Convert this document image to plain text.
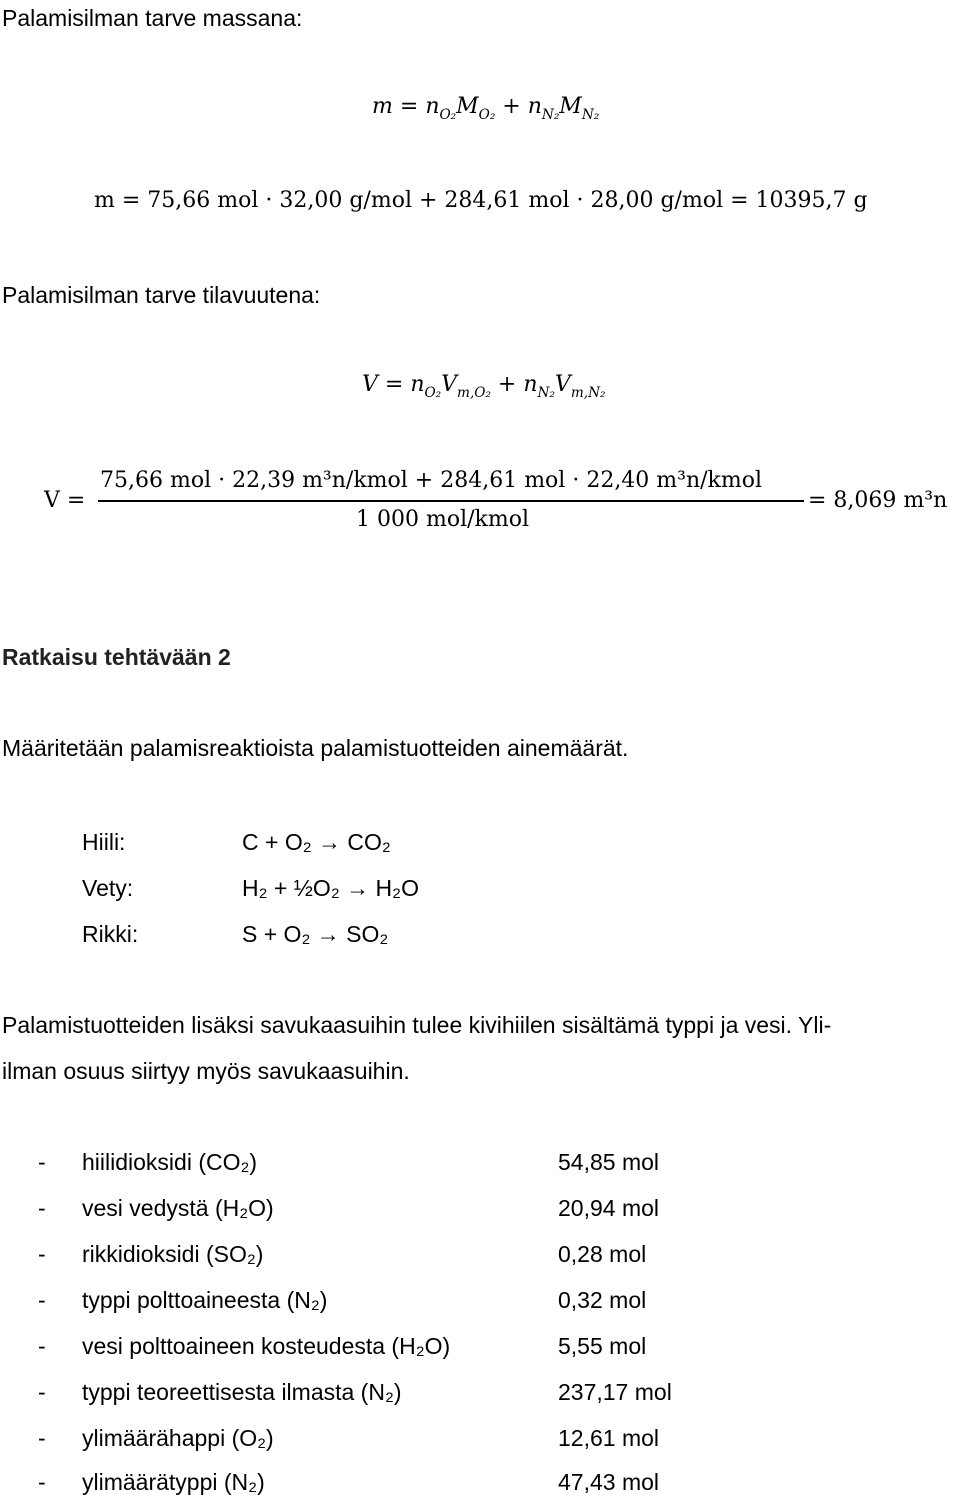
Palamisilman tarve massana:
$m = n_{O_2}M_{O_2} + n_{N_2}M_{N_2}$
m = 75,66 mol · 32,00 g/mol + 284,61 mol · 28,00 g/mol = 10395,7 g
Palamisilman tarve tilavuutena:
$V = n_{O_2}V_{m,O_2} + n_{N_2}V_{m,N_2}$
V =
75,66 mol · 22,39 m³n/kmol + 284,61 mol · 22,40 m³n/kmol
1 000 mol/kmol
= 8,069 m³n
Ratkaisu tehtävään 2
Määritetään palamisreaktioista palamistuotteiden ainemäärät.
Hiili:	C + O₂ → CO₂
Vety:	H₂ + ½O₂ → H₂O
Rikki:	S + O₂ → SO₂
Palamistuotteiden lisäksi savukaasuihin tulee kivihiilen sisältämä typpi ja vesi. Yli-
ilman osuus siirtyy myös savukaasuihin.
- hiilidioksidi (CO₂)	54,85 mol
- vesi vedystä (H₂O)	20,94 mol
- rikkidioksidi (SO₂)	0,28 mol
- typpi polttoaineesta (N₂)	0,32 mol
- vesi polttoaineen kosteudesta (H₂O)	5,55 mol
- typpi teoreettisesta ilmasta (N₂)	237,17 mol
- ylimäärähappi (O₂)	12,61 mol
- ylimäärätyppi (N₂)	47,43 mol
